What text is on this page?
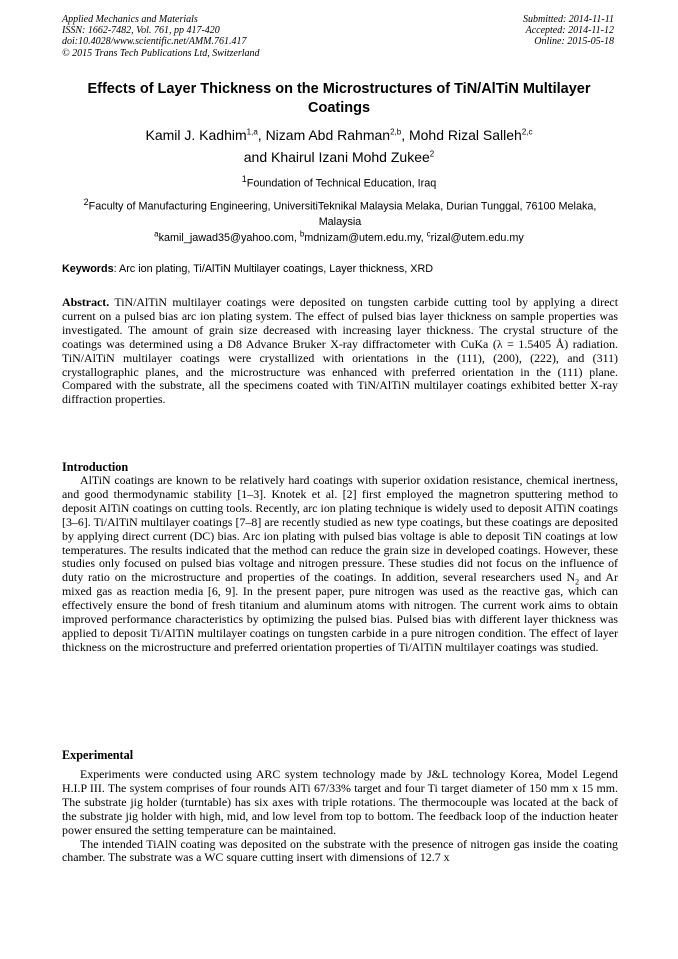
Applied Mechanics and Materials
ISSN: 1662-7482, Vol. 761, pp 417-420
doi:10.4028/www.scientific.net/AMM.761.417
© 2015 Trans Tech Publications Ltd, Switzerland
Submitted: 2014-11-11
Accepted: 2014-11-12
Online: 2015-05-18
Effects of Layer Thickness on the Microstructures of TiN/AlTiN Multilayer
Coatings
Kamil J. Kadhim$^{1,a}$, Nizam Abd Rahman$^{2,b}$, Mohd Rizal Salleh$^{2,c}$
and Khairul Izani Mohd Zukee$^2$
$^1$Foundation of Technical Education, Iraq
$^2$Faculty of Manufacturing Engineering, UniversitiTeknikal Malaysia Melaka, Durian Tunggal, 76100 Melaka, Malaysia
$^a$kamil_jawad35@yahoo.com, $^b$mdnizam@utem.edu.my, $^c$rizal@utem.edu.my
Keywords: Arc ion plating, Ti/AlTiN Multilayer coatings, Layer thickness, XRD
Abstract. TiN/AlTiN multilayer coatings were deposited on tungsten carbide cutting tool by applying a direct current on a pulsed bias arc ion plating system. The effect of pulsed bias layer thickness on sample properties was investigated. The amount of grain size decreased with increasing layer thickness. The crystal structure of the coatings was determined using a D8 Advance Bruker X-ray diffractometer with CuKa (λ = 1.5405 Å) radiation. TiN/AlTiN multilayer coatings were crystallized with orientations in the (111), (200), (222), and (311) crystallographic planes, and the microstructure was enhanced with preferred orientation in the (111) plane. Compared with the substrate, all the specimens coated with TiN/AlTiN multilayer coatings exhibited better X-ray diffraction properties.
Introduction

AlTiN coatings are known to be relatively hard coatings with superior oxidation resistance, chemical inertness, and good thermodynamic stability [1–3]. Knotek et al. [2] first employed the magnetron sputtering method to deposit AlTiN coatings on cutting tools. Recently, arc ion plating technique is widely used to deposit AlTiN coatings [3–6]. Ti/AlTiN multilayer coatings [7–8] are recently studied as new type coatings, but these coatings are deposited by applying direct current (DC) bias. Arc ion plating with pulsed bias voltage is able to deposit TiN coatings at low temperatures. The results indicated that the method can reduce the grain size in developed coatings. However, these studies only focused on pulsed bias voltage and nitrogen pressure. These studies did not focus on the influence of duty ratio on the microstructure and properties of the coatings. In addition, several researchers used $N_2$ and Ar mixed gas as reaction media [6, 9]. In the present paper, pure nitrogen was used as the reactive gas, which can effectively ensure the bond of fresh titanium and aluminum atoms with nitrogen. The current work aims to obtain improved performance characteristics by optimizing the pulsed bias. Pulsed bias with different layer thickness was applied to deposit Ti/AlTiN multilayer coatings on tungsten carbide in a pure nitrogen condition. The effect of layer thickness on the microstructure and preferred orientation properties of Ti/AlTiN multilayer coatings was studied.

Experimental

Experiments were conducted using ARC system technology made by J&L technology Korea, Model Legend H.I.P III. The system comprises of four rounds AlTi 67/33% target and four Ti target diameter of 150 mm x 15 mm. The substrate jig holder (turntable) has six axes with triple rotations. The thermocouple was located at the back of the substrate jig holder with high, mid, and low level from top to bottom. The feedback loop of the induction heater power ensured the setting temperature can be maintained.

The intended TiAlN coating was deposited on the substrate with the presence of nitrogen gas inside the coating chamber. The substrate was a WC square cutting insert with dimensions of 12.7 x
